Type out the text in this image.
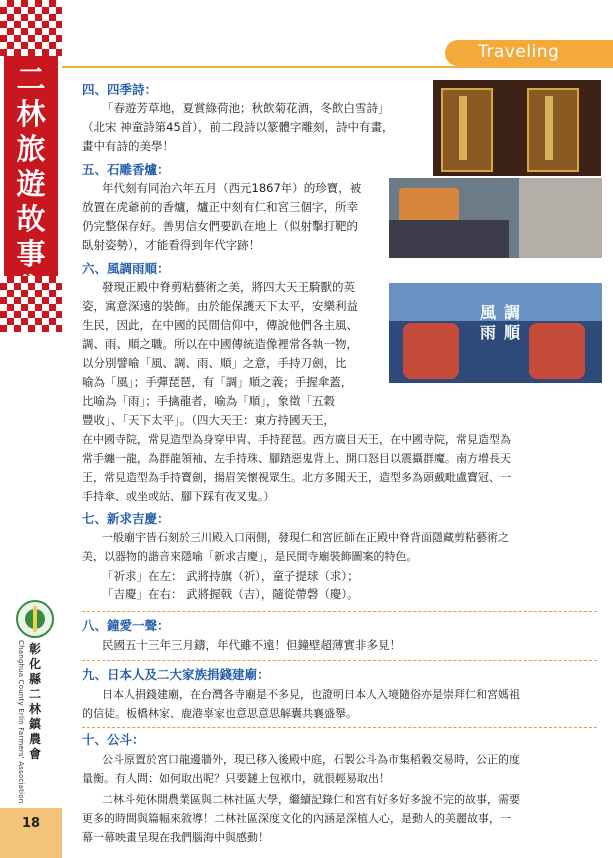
二
林
旅
遊
故
事
Changhua County Erlin Farmers' Association 彰
化
縣
二
林
鎮
農
會
18
Traveling
風 調
雨 順
四、四季詩：
「春遊芳草地，夏賞綠荷池；秋飲菊花酒，冬飲白雪詩」
（北宋 神童詩第45首），前二段詩以篆體字雕刻，詩中有畫，
畫中有詩的美學！
五、石雕香爐：
年代刻有同治六年五月（西元1867年）的珍寶，被
放置在虎爺前的香爐，爐正中刻有仁和宮三個字，所幸
仍完整保存好。善男信女們要趴在地上（似射擊打靶的
臥射姿勢），才能看得到年代字跡！
六、風調雨順：
發現正殿中脊剪粘藝術之美，將四大天王騎獸的英
姿，寓意深遠的裝飾。由於能保護天下太平，安樂利益
生民，因此，在中國的民間信仰中，傳說他們各主風、
調、雨、順之職。所以在中國傳統造像裡常各執一物，
以分別譬喻「風、調、雨、順」之意，手持刀劍，比
喻為「風」；手彈琵琶，有「調」順之義；手握傘蓋，
比喻為「雨」；手擒龍者，喻為「順」，象徵「五穀
豐收」、「天下太平」。（四大天王：東方持國天王，
在中國寺院，常見造型為身穿甲冑、手持琵琶。西方廣目天王，在中國寺院，常見造型為
常手纏一龍，為群龍領袖、左手持珠、腳踏惡鬼背上、開口怒目以震攝群魔。南方增長天
王，常見造型為手持寶劍，揚眉笑懷視眾生。北方多聞天王，造型多為頭戴毗盧寶冠、一
手持傘、或坐或站、腳下踩有夜叉鬼。）
七、新求吉慶：
一般廟宇皆石刻於三川殿入口兩側，發現仁和宮匠師在正殿中脊背面隱藏剪粘藝術之
美，以器物的諧音來隱喻「新求吉慶」，是民間寺廟裝飾圖案的特色。
「祈求」在左： 武將持旗（祈），童子提球（求）；
「吉慶」在右： 武將握戟（吉），隨從帶磬（慶）。
八、鐘愛一聲：
民國五十三年三月鑄，年代雖不遠！但鐘壁超薄實非多見！
九、日本人及二大家族捐錢建廟：
日本人捐錢建廟，在台灣各寺廟是不多見，也證明日本人入境隨俗亦是崇拜仁和宮媽祖
的信徒。板橋林家、鹿港辜家也意思意思解囊共襄盛舉。
十、公斗：
公斗原置於宮口龍邊牆外，現已移入後殿中庭，石製公斗為市集稻穀交易時，公正的度
量衡。有人問：如何取出呢？只要鏈上包袱巾，就很輕易取出！
二林斗苑休閒農業區與二林社區大學，繼續記錄仁和宮有好多好多說不完的故事，需要
更多的時間與篇幅來敘導！二林社區深度文化的內涵是深植人心，是動人的美麗故事，一
幕一幕映畫呈現在我們腦海中與感動！
